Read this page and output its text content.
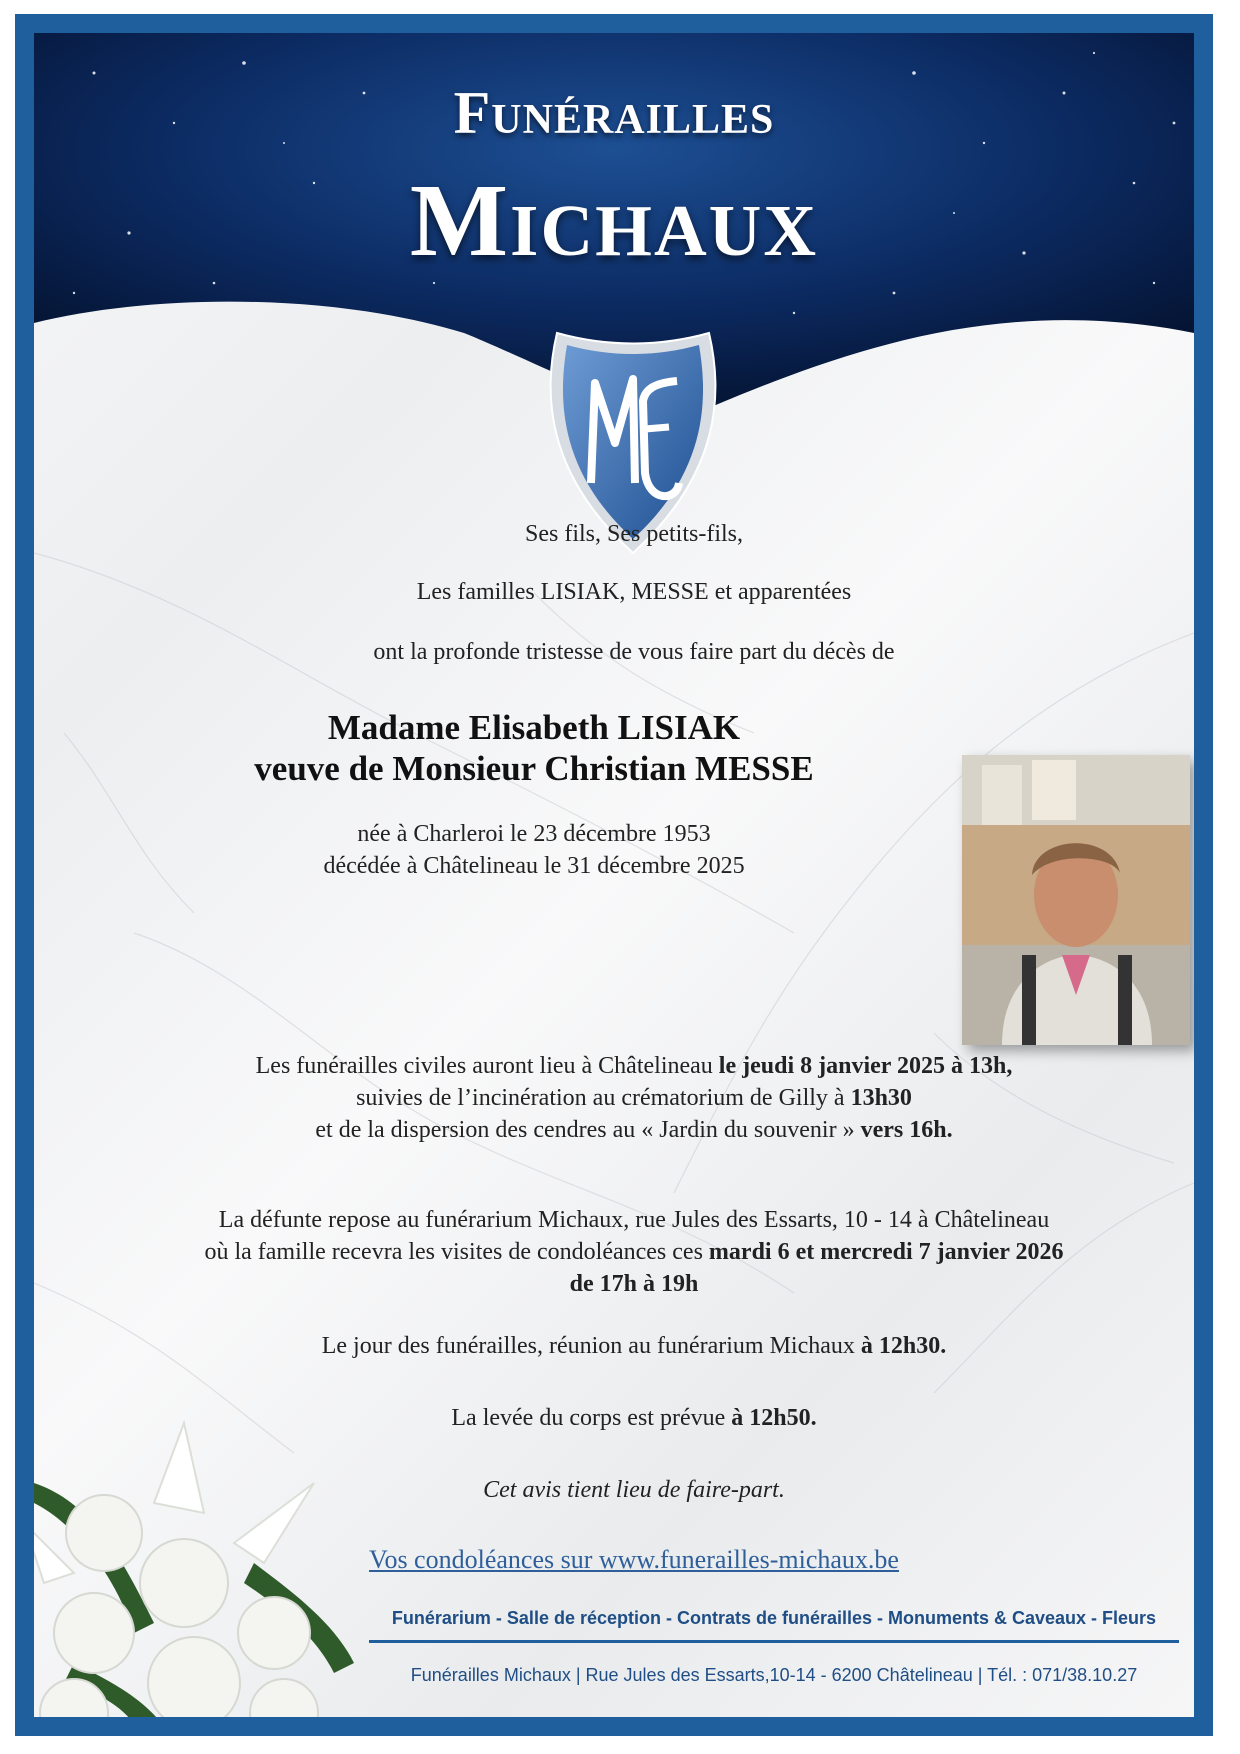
Funérailles
Michaux
Ses fils, Ses petits-fils,
Les familles LISIAK, MESSE et apparentées
ont la profonde tristesse de vous faire part du décès de
Madame Elisabeth LISIAK
veuve de Monsieur Christian MESSE
née à Charleroi le 23 décembre 1953
décédée à Châtelineau le 31 décembre 2025
Les funérailles civiles auront lieu à Châtelineau le jeudi 8 janvier 2025 à 13h,
suivies de l’incinération au crématorium de Gilly à 13h30
et de la dispersion des cendres au « Jardin du souvenir » vers 16h.
La défunte repose au funérarium Michaux, rue Jules des Essarts, 10 - 14 à Châtelineau
où la famille recevra les visites de condoléances ces mardi 6 et mercredi 7 janvier 2026
de 17h à 19h
Le jour des funérailles, réunion au funérarium Michaux à 12h30.
La levée du corps est prévue à 12h50.
Cet avis tient lieu de faire-part.
Vos condoléances sur www.funerailles-michaux.be
Funérarium - Salle de réception - Contrats de funérailles - Monuments & Caveaux - Fleurs
Funérailles Michaux | Rue Jules des Essarts,10-14 - 6200 Châtelineau | Tél. : 071/38.10.27
